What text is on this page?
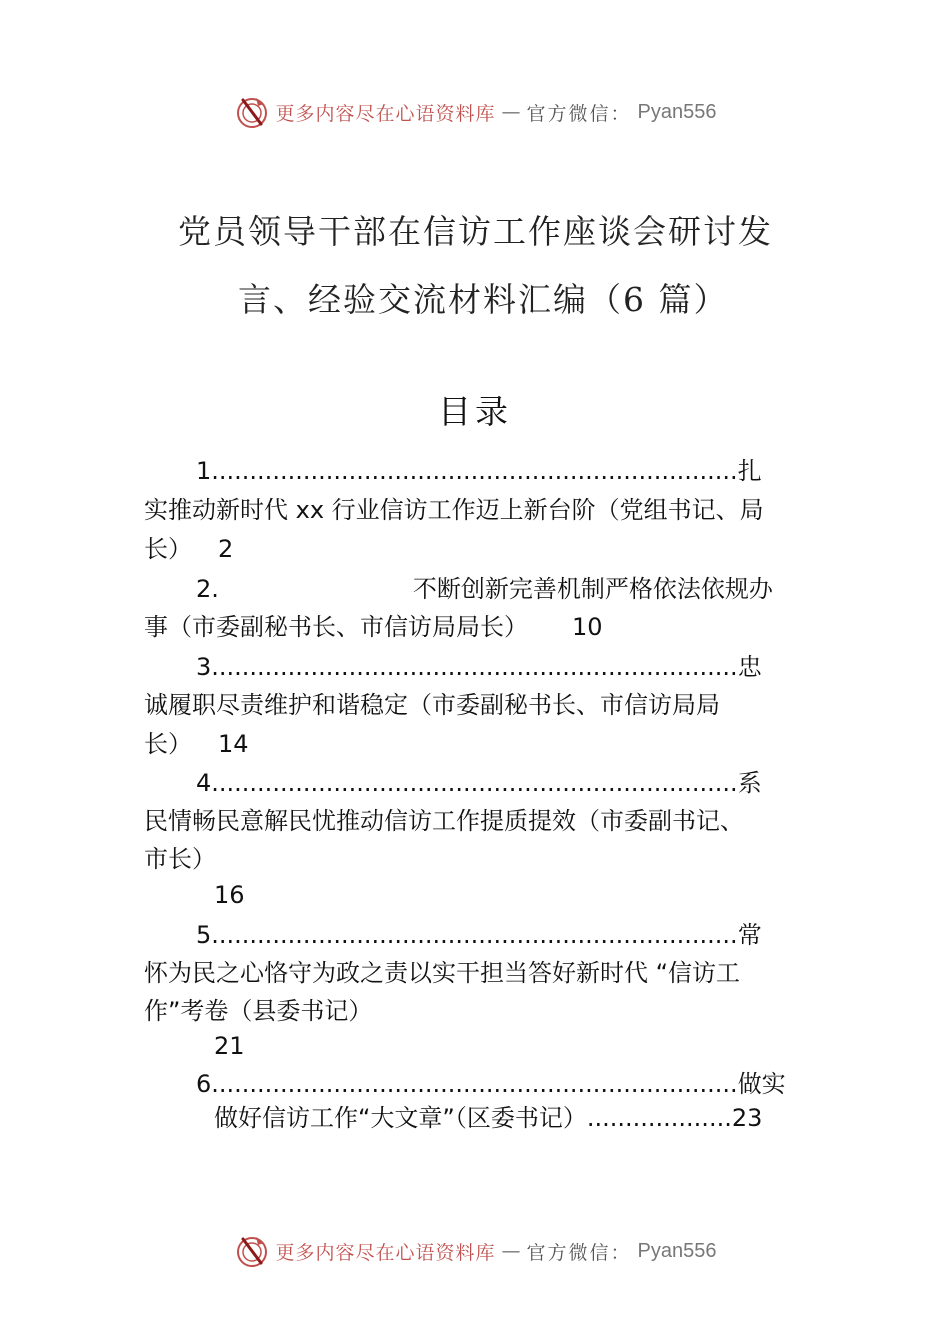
更多内容尽在心语资料库 — 官方微信： Pyan556
党员领导干部在信访工作座谈会研讨发
言、经验交流材料汇编（6 篇）
目录
1.....................................................................扎
实推动新时代 xx 行业信访工作迈上新台阶（党组书记、局
长） 2
2.	不断创新完善机制严格依法依规办
事（市委副秘书长、市信访局局长） 10
3.....................................................................忠
诚履职尽责维护和谐稳定（市委副秘书长、市信访局局
长） 14
4.....................................................................系
民情畅民意解民忧推动信访工作提质提效（市委副书记、
市长）
16
5.....................................................................常
怀为民之心恪守为政之责以实干担当答好新时代 “信访工
作”考卷（县委书记）
21
6.....................................................................做实
做好信访工作“大文章”（区委书记）...................23
更多内容尽在心语资料库 — 官方微信： Pyan556
